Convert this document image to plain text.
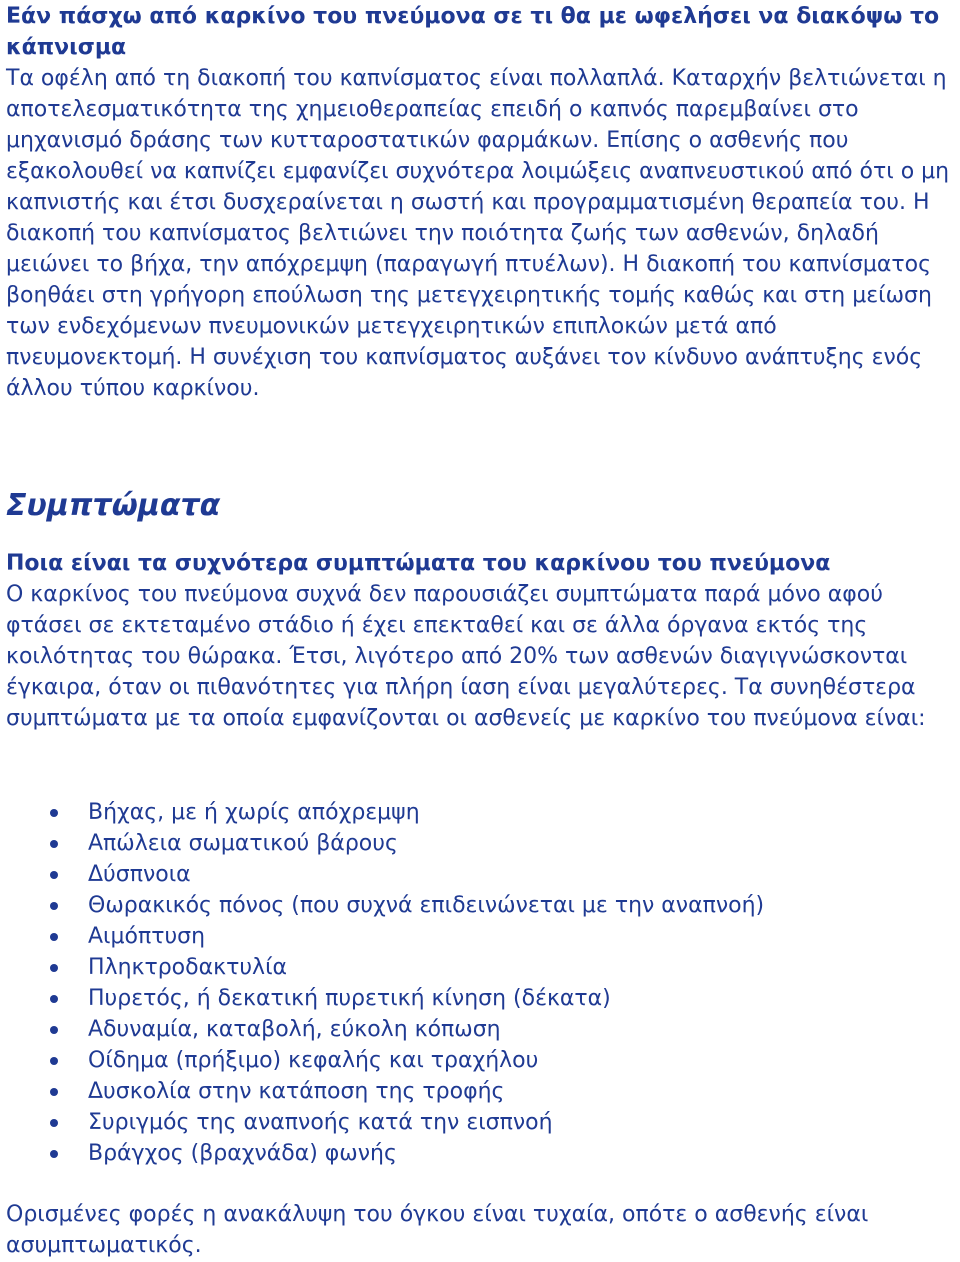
Εάν πάσχω από καρκίνο του πνεύμονα σε τι θα με ωφελήσει να διακόψω το κάπνισμα

Τα οφέλη από τη διακοπή του καπνίσματος είναι πολλαπλά. Καταρχήν βελτιώνεται η αποτελεσματικότητα της χημειοθεραπείας επειδή ο καπνός παρεμβαίνει στο μηχανισμό δράσης των κυτταροστατικών φαρμάκων. Επίσης ο ασθενής που εξακολουθεί να καπνίζει εμφανίζει συχνότερα λοιμώξεις αναπνευστικού από ότι ο μη καπνιστής και έτσι δυσχεραίνεται η σωστή και προγραμματισμένη θεραπεία του. Η διακοπή του καπνίσματος βελτιώνει την ποιότητα ζωής των ασθενών, δηλαδή μειώνει το βήχα, την απόχρεμψη (παραγωγή πτυέλων). Η διακοπή του καπνίσματος βοηθάει στη γρήγορη επούλωση της μετεγχειρητικής τομής καθώς και στη μείωση των ενδεχόμενων πνευμονικών μετεγχειρητικών επιπλοκών μετά από πνευμονεκτομή. Η συνέχιση του καπνίσματος αυξάνει τον κίνδυνο ανάπτυξης ενός άλλου τύπου καρκίνου.

Συμπτώματα
Ποια είναι τα συχνότερα συμπτώματα του καρκίνου του πνεύμονα

Ο καρκίνος του πνεύμονα συχνά δεν παρουσιάζει συμπτώματα παρά μόνο αφού φτάσει σε εκτεταμένο στάδιο ή έχει επεκταθεί και σε άλλα όργανα εκτός της κοιλότητας του θώρακα. Έτσι, λιγότερο από 20% των ασθενών διαγιγνώσκονται έγκαιρα, όταν οι πιθανότητες για πλήρη ίαση είναι μεγαλύτερες. Τα συνηθέστερα συμπτώματα με τα οποία εμφανίζονται οι ασθενείς με καρκίνο του πνεύμονα είναι:

Βήχας, με ή χωρίς απόχρεμψη
Απώλεια σωματικού βάρους
Δύσπνοια
Θωρακικός πόνος (που συχνά επιδεινώνεται με την αναπνοή)
Αιμόπτυση
Πληκτροδακτυλία
Πυρετός, ή δεκατική πυρετική κίνηση (δέκατα)
Αδυναμία, καταβολή, εύκολη κόπωση
Οίδημα (πρήξιμο) κεφαλής και τραχήλου
Δυσκολία στην κατάποση της τροφής
Συριγμός της αναπνοής κατά την εισπνοή
Βράγχος (βραχνάδα) φωνής

Ορισμένες φορές η ανακάλυψη του όγκου είναι τυχαία, οπότε ο ασθενής είναι ασυμπτωματικός.
